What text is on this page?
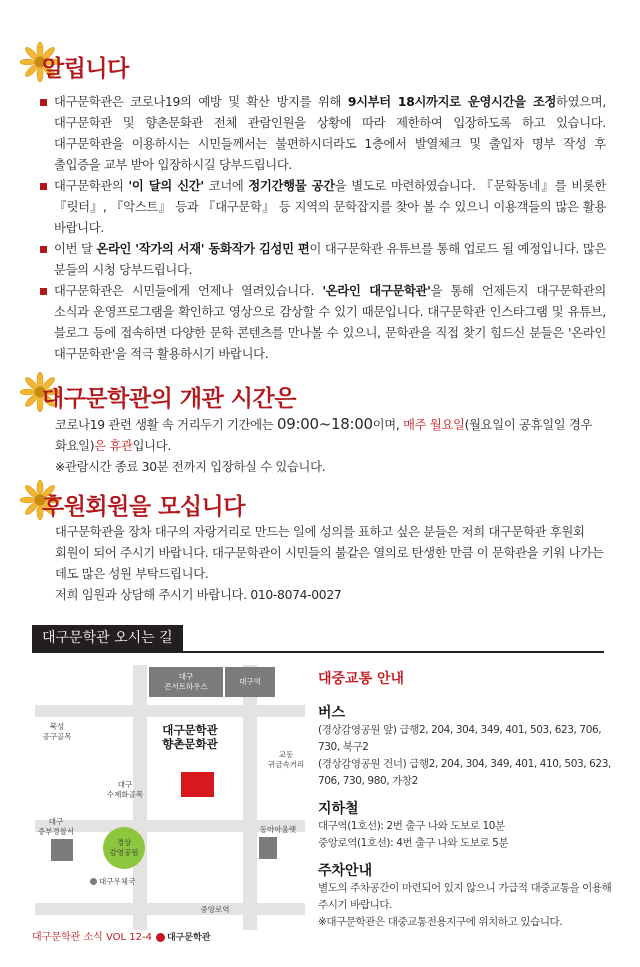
알립니다
대구문학관은 코로나19의 예방 및 확산 방지를 위해 9시부터 18시까지로 운영시간을 조정하였으며, 대구문학관 및 향촌문화관 전체 관람인원을 상황에 따라 제한하여 입장하도록 하고 있습니다. 대구문학관을 이용하시는 시민들께서는 불편하시더라도 1층에서 발열체크 및 출입자 명부 작성 후 출입증을 교부 받아 입장하시길 당부드립니다.
대구문학관의 '이 달의 신간' 코너에 정기간행물 공간을 별도로 마련하였습니다. 『문학동네』를 비롯한 『릿터』, 『악스트』 등과 『대구문학』 등 지역의 문학잡지를 찾아 볼 수 있으니 이용객들의 많은 활용 바랍니다.
이번 달 온라인 '작가의 서재' 동화작가 김성민 편이 대구문학관 유튜브를 통해 업로드 될 예정입니다. 많은 분들의 시청 당부드립니다.
대구문학관은 시민들에게 언제나 열려있습니다. '온라인 대구문학관'을 통해 언제든지 대구문학관의 소식과 운영프로그램을 확인하고 영상으로 감상할 수 있기 때문입니다. 대구문학관 인스타그램 및 유튜브, 블로그 등에 접속하면 다양한 문학 콘텐츠를 만나볼 수 있으니, 문학관을 직접 찾기 힘드신 분들은 '온라인 대구문학관'을 적극 활용하시기 바랍니다.
대구문학관의 개관 시간은
코로나19 관련 생활 속 거리두기 기간에는 09:00~18:00이며, 매주 월요일(월요일이 공휴일일 경우 화요일)은 휴관입니다.
※관람시간 종료 30분 전까지 입장하실 수 있습니다.
후원회원을 모십니다
대구문학관을 장차 대구의 자랑거리로 만드는 일에 성의를 표하고 싶은 분들은 저희 대구문학관 후원회 회원이 되어 주시기 바랍니다. 대구문학관이 시민들의 불같은 열의로 탄생한 만큼 이 문학관을 키워 나가는 데도 많은 성원 부탁드립니다.
저희 임원과 상담해 주시기 바랍니다. 010-8074-0027
대구문학관 오시는 길
대구
콘서트하우스
대구역
북성
공구골목	대구문학관
향촌문화관
대구
수제화골목
교동
귀금속거리
대구
중부경찰서
경상
감영공원
동아아울렛
대구우체국
중앙로역
대중교통 안내
버스
(경상감영공원 앞) 급행2, 204, 304, 349, 401, 503, 623, 706, 730, 북구2
(경상감영공원 건너) 급행2, 204, 304, 349, 401, 410, 503, 623, 706, 730, 980, 가창2
지하철
대구역(1호선): 2번 출구 나와 도보로 10분
중앙로역(1호선): 4번 출구 나와 도보로 5분
주차안내
별도의 주차공간이 마련되어 있지 않으니 가급적 대중교통을 이용해 주시기 바랍니다.
※대구문학관은 대중교통전용지구에 위치하고 있습니다.
대구문학관 소식 VOL 12-4 대구문학관
